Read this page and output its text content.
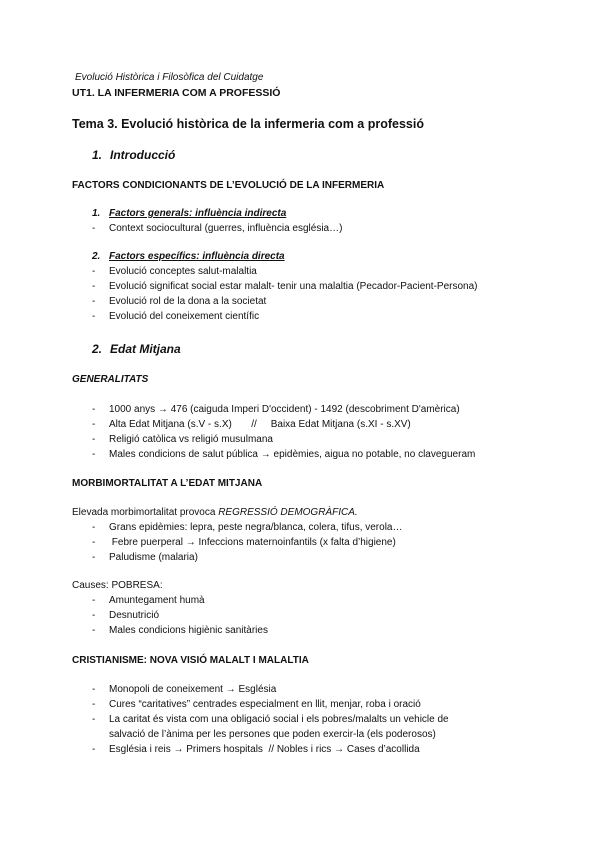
Evolució Històrica i Filosòfica del Cuidatge
UT1. LA INFERMERIA COM A PROFESSIÓ
Tema 3. Evolució històrica de la infermeria com a professió
1. Introducció
FACTORS CONDICIONANTS DE L’EVOLUCIÓ DE LA INFERMERIA
1. Factors generals: influència indirecta
- Context sociocultural (guerres, influència església…)
2. Factors específics: influència directa
- Evolució conceptes salut-malaltia
- Evolució significat social estar malalt- tenir una malaltia (Pecador-Pacient-Persona)
- Evolució rol de la dona a la societat
- Evolució del coneixement científic
2. Edat Mitjana
GENERALITATS
- 1000 anys → 476 (caiguda Imperi D'occident) - 1492 (descobriment D'amèrica)
- Alta Edat Mitjana (s.V - s.X)       //     Baixa Edat Mitjana (s.XI - s.XV)
- Religió catòlica vs religió musulmana
- Males condicions de salut pública → epidèmies, aigua no potable, no clavegueram
MORBIMORTALITAT A L’EDAT MITJANA
Elevada morbimortalitat provoca REGRESSIÓ DEMOGRÀFICA.
- Grans epidèmies: lepra, peste negra/blanca, colera, tifus, verola…
- Febre puerperal → Infeccions maternoinfantils (x falta d’higiene)
- Paludisme (malaria)
Causes: POBRESA:
- Amuntegament humà
- Desnutrició
- Males condicions higiènic sanitàries
CRISTIANISME: NOVA VISIÓ MALALT I MALALTIA
- Monopoli de coneixement → Església
- Cures “caritatives” centrades especialment en llit, menjar, roba i oració
- La caritat és vista com una obligació social i els pobres/malalts un vehicle de
salvació de l’ànima per les persones que poden exercir-la (els poderosos)
- Església i reis → Primers hospitals  // Nobles i rics → Cases d’acollida
